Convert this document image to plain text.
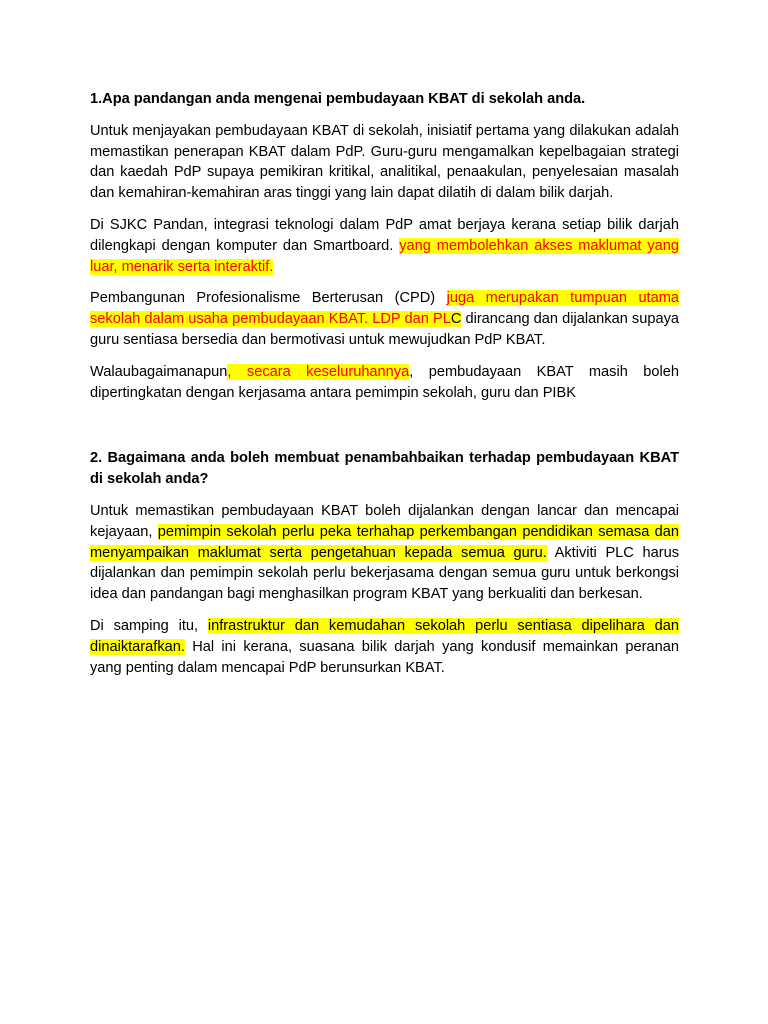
1.Apa pandangan anda mengenai pembudayaan KBAT di sekolah anda.

Untuk menjayakan pembudayaan KBAT di sekolah, inisiatif pertama yang dilakukan adalah memastikan penerapan KBAT dalam PdP. Guru-guru mengamalkan kepelbagaian strategi dan kaedah PdP supaya pemikiran kritikal, analitikal, penaakulan, penyelesaian masalah dan kemahiran-kemahiran aras tinggi yang lain dapat dilatih di dalam bilik darjah.

Di SJKC Pandan, integrasi teknologi dalam PdP amat berjaya kerana setiap bilik darjah dilengkapi dengan komputer dan Smartboard. yang membolehkan akses maklumat yang luar, menarik serta interaktif.

Pembangunan Profesionalisme Berterusan (CPD) juga merupakan tumpuan utama sekolah dalam usaha pembudayaan KBAT. LDP dan PLC dirancang dan dijalankan supaya guru sentiasa bersedia dan bermotivasi untuk mewujudkan PdP KBAT.

Walaubagaimanapun, secara keseluruhannya, pembudayaan KBAT masih boleh dipertingkatan dengan kerjasama antara pemimpin sekolah, guru dan PIBK

2. Bagaimana anda boleh membuat penambahbaikan terhadap pembudayaan KBAT di sekolah anda?

Untuk memastikan pembudayaan KBAT boleh dijalankan dengan lancar dan mencapai kejayaan, pemimpin sekolah perlu peka terhahap perkembangan pendidikan semasa dan menyampaikan maklumat serta pengetahuan kepada semua guru. Aktiviti PLC harus dijalankan dan pemimpin sekolah perlu bekerjasama dengan semua guru untuk berkongsi idea dan pandangan bagi menghasilkan program KBAT yang berkualiti dan berkesan.

Di samping itu, infrastruktur dan kemudahan sekolah perlu sentiasa dipelihara dan dinaiktarafkan. Hal ini kerana, suasana bilik darjah yang kondusif memainkan peranan yang penting dalam mencapai PdP berunsurkan KBAT.
